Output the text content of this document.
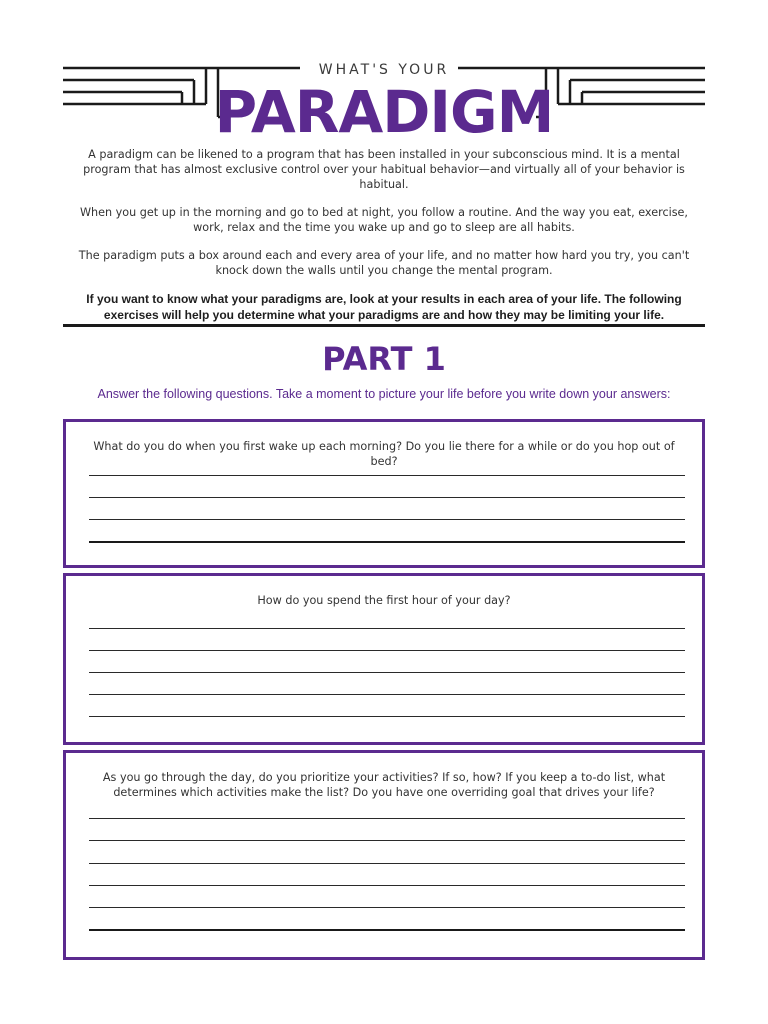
WHAT'S YOUR
PARADIGM

A paradigm can be likened to a program that has been installed in your subconscious mind. It is a mental program that has almost exclusive control over your habitual behavior—and virtually all of your behavior is habitual.

When you get up in the morning and go to bed at night, you follow a routine. And the way you eat, exercise, work, relax and the time you wake up and go to sleep are all habits.

The paradigm puts a box around each and every area of your life, and no matter how hard you try, you can't knock down the walls until you change the mental program.

If you want to know what your paradigms are, look at your results in each area of your life. The following exercises will help you determine what your paradigms are and how they may be limiting your life.

PART 1
Answer the following questions. Take a moment to picture your life before you write down your answers:
What do you do when you first wake up each morning? Do you lie there for a while or do you hop out of bed?
How do you spend the first hour of your day?
As you go through the day, do you prioritize your activities? If so, how? If you keep a to-do list, what determines which activities make the list? Do you have one overriding goal that drives your life?
